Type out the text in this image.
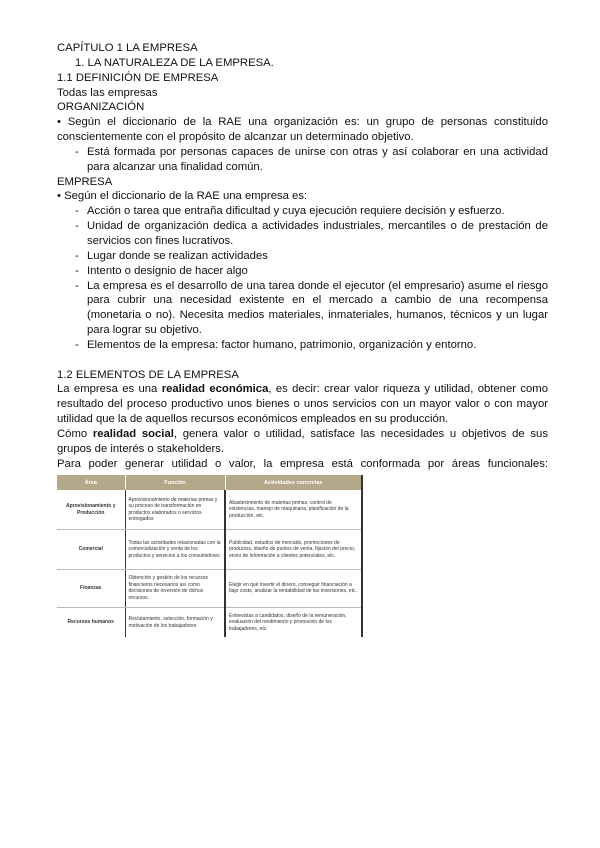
CAPÍTULO 1 LA EMPRESA
1. LA NATURALEZA DE LA EMPRESA.
1.1 DEFINICIÓN DE EMPRESA
Todas las empresas
ORGANIZACIÓN
• Según el diccionario de la RAE una organización es: un grupo de personas constituido conscientemente con el propósito de alcanzar un determinado objetivo.
- Está formada por personas capaces de unirse con otras y así colaborar en una actividad para alcanzar una finalidad común.
EMPRESA
• Según el diccionario de la RAE una empresa es:
- Acción o tarea que entraña dificultad y cuya ejecución requiere decisión y esfuerzo.
- Unidad de organización dedica a actividades industriales, mercantiles o de prestación de servicios con fines lucrativos.
- Lugar donde se realizan actividades
- Intento o designio de hacer algo
- La empresa es el desarrollo de una tarea donde el ejecutor (el empresario) asume el riesgo para cubrir una necesidad existente en el mercado a cambio de una recompensa (monetaria o no). Necesita medios materiales, inmateriales, humanos, técnicos y un lugar para lograr su objetivo.
- Elementos de la empresa: factor humano, patrimonio, organización y entorno.
1.2 ELEMENTOS DE LA EMPRESA
La empresa es una realidad económica, es decir: crear valor riqueza y utilidad, obtener como resultado del proceso productivo unos bienes o unos servicios con un mayor valor o con mayor utilidad que la de aquellos recursos económicos empleados en su producción.
Cómo realidad social, genera valor o utilidad, satisface las necesidades u objetivos de sus grupos de interés o stakeholders.
Para poder generar utilidad o valor, la empresa está conformada por áreas funcionales:
Área	Función	Actividades concretas
Aprovisionamiento y Producción	Aprovisionamiento de materias primas y su proceso de transformación en productos elaborados o servicios entregados	Abastecimiento de materias primas, control de existencias, manejo de maquinaria, planificación de la producción, etc.
Comercial	Todas las actividades relacionadas con la comercialización y venta de los productos y servicios a los consumidores	Publicidad, estudios de mercado, promociones de productos, diseño de puntos de venta, fijación del precio, envío de información a clientes potenciales, etc.
Finanzas	Obtención y gestión de los recursos financieros necesarios así como decisiones de inversión de dichos recursos.	Elegir en qué invertir el dinero, conseguir financiación a bajo coste, analizar la rentabilidad de las inversiones, etc.
Recursos humanos	Reclutamiento, selección, formación y motivación de los trabajadores	Entrevistas a candidatos, diseño de la remuneración, evaluación del rendimiento y promoción de los trabajadores, etc.
